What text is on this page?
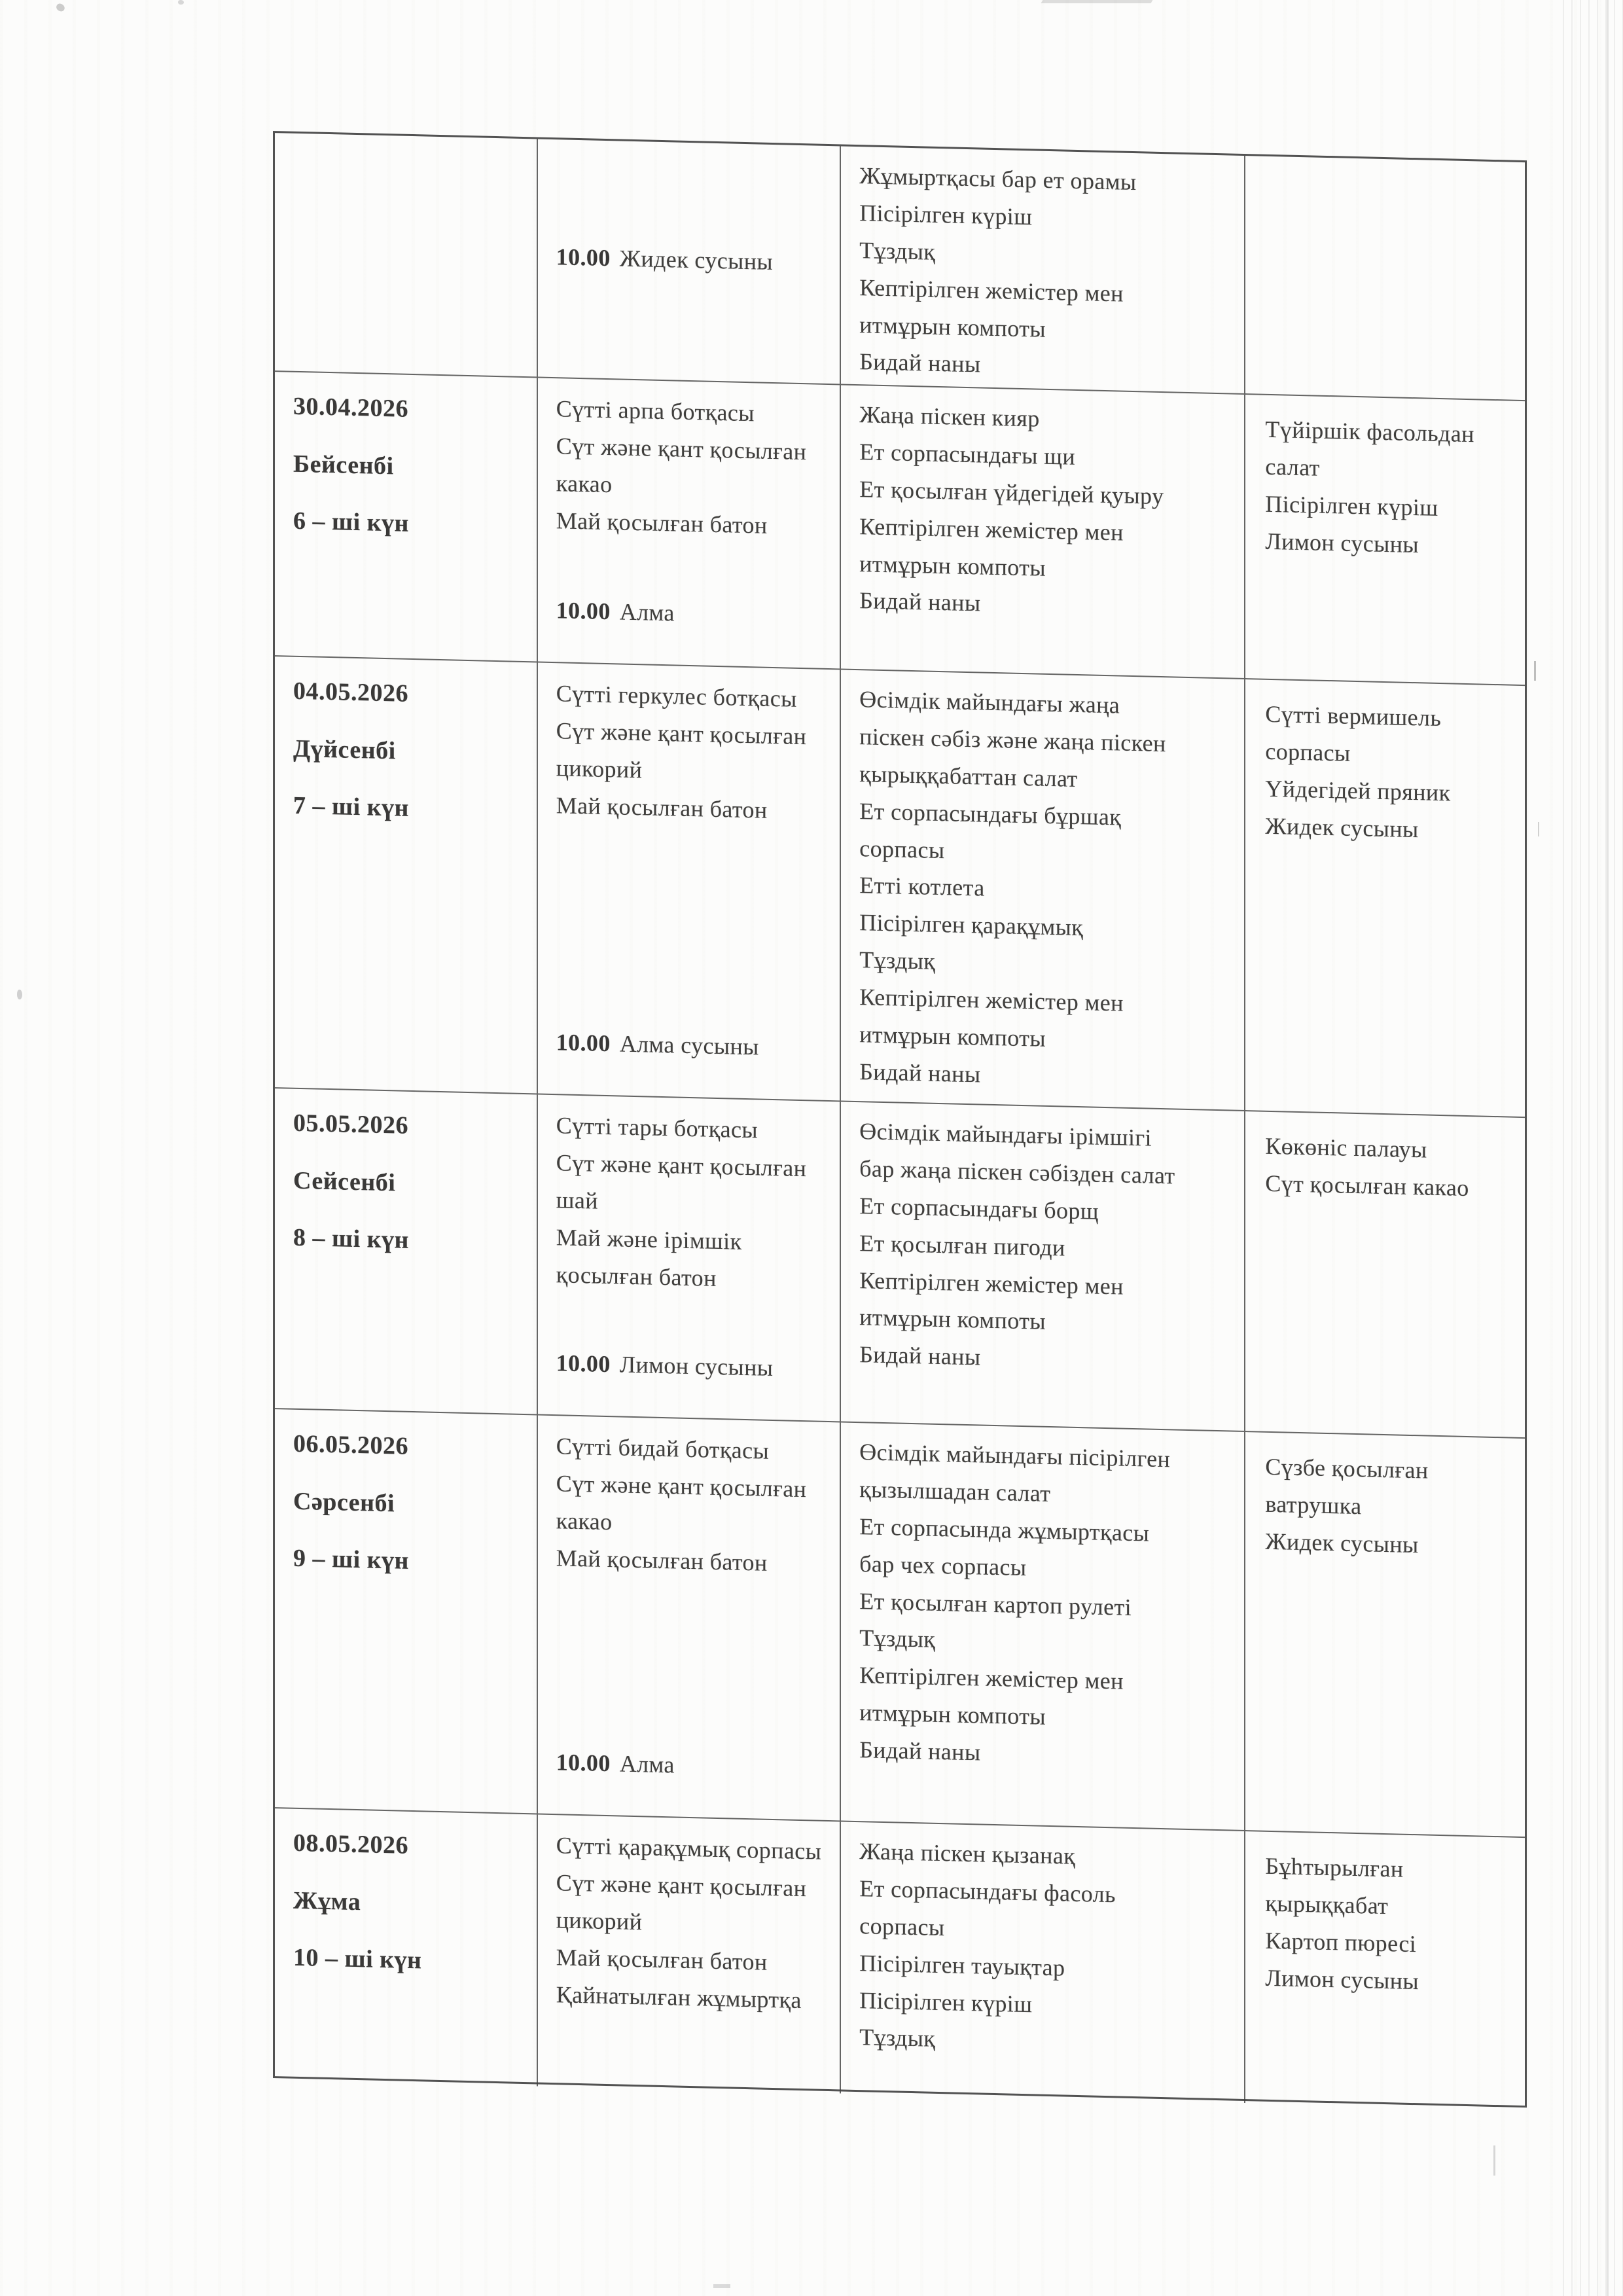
10.00 Жидек сусыны
Жұмыртқасы бар ет орамы
Пісірілген күріш
Тұздық
Кептірілген жемістер мен итмұрын компоты
Бидай наны
30.04.2026
Бейсенбі
6 – ші күн
Сүтті арпа ботқасы
Сүт және қант қосылған какао
Май қосылған батон
10.00 Алма
Жаңа піскен кияр
Ет сорпасындағы щи
Ет қосылған үйдегідей қуыру
Кептірілген жемістер мен итмұрын компоты
Бидай наны
Түйіршік фасольдан салат
Пісірілген күріш
Лимон сусыны
04.05.2026
Дүйсенбі
7 – ші күн
Сүтті геркулес ботқасы
Сүт және қант қосылған цикорий
Май қосылған батон
10.00 Алма сусыны
Өсімдік майындағы жаңа піскен сәбіз және жаңа піскен қырыққабаттан салат
Ет сорпасындағы бұршақ сорпасы
Етті котлета
Пісірілген қарақұмық
Тұздық
Кептірілген жемістер мен итмұрын компоты
Бидай наны
Сүтті вермишель сорпасы
Үйдегідей пряник
Жидек сусыны
05.05.2026
Сейсенбі
8 – ші күн
Сүтті тары ботқасы
Сүт және қант қосылған шай
Май және ірімшік қосылған батон
10.00 Лимон сусыны
Өсімдік майындағы ірімшігі бар жаңа піскен сәбізден салат
Ет сорпасындағы борщ
Ет қосылған пигоди
Кептірілген жемістер мен итмұрын компоты
Бидай наны
Көкөніс палауы
Сүт қосылған какао
06.05.2026
Сәрсенбі
9 – ші күн
Сүтті бидай ботқасы
Сүт және қант қосылған какао
Май қосылған батон
10.00 Алма
Өсімдік майындағы пісірілген қызылшадан салат
Ет сорпасында жұмыртқасы бар чех сорпасы
Ет қосылған картоп рулеті
Тұздық
Кептірілген жемістер мен итмұрын компоты
Бидай наны
Сүзбе қосылған ватрушка
Жидек сусыны
08.05.2026
Жұма
10 – ші күн
Сүтті қарақұмық сорпасы
Сүт және қант қосылған цикорий
Май қосылған батон
Қайнатылған жұмыртқа
Жаңа піскен қызанақ
Ет сорпасындағы фасоль сорпасы
Пісірілген тауықтар
Пісірілген күріш
Тұздық
Бұһтырылған қырыққабат
Картоп пюресі
Лимон сусыны
